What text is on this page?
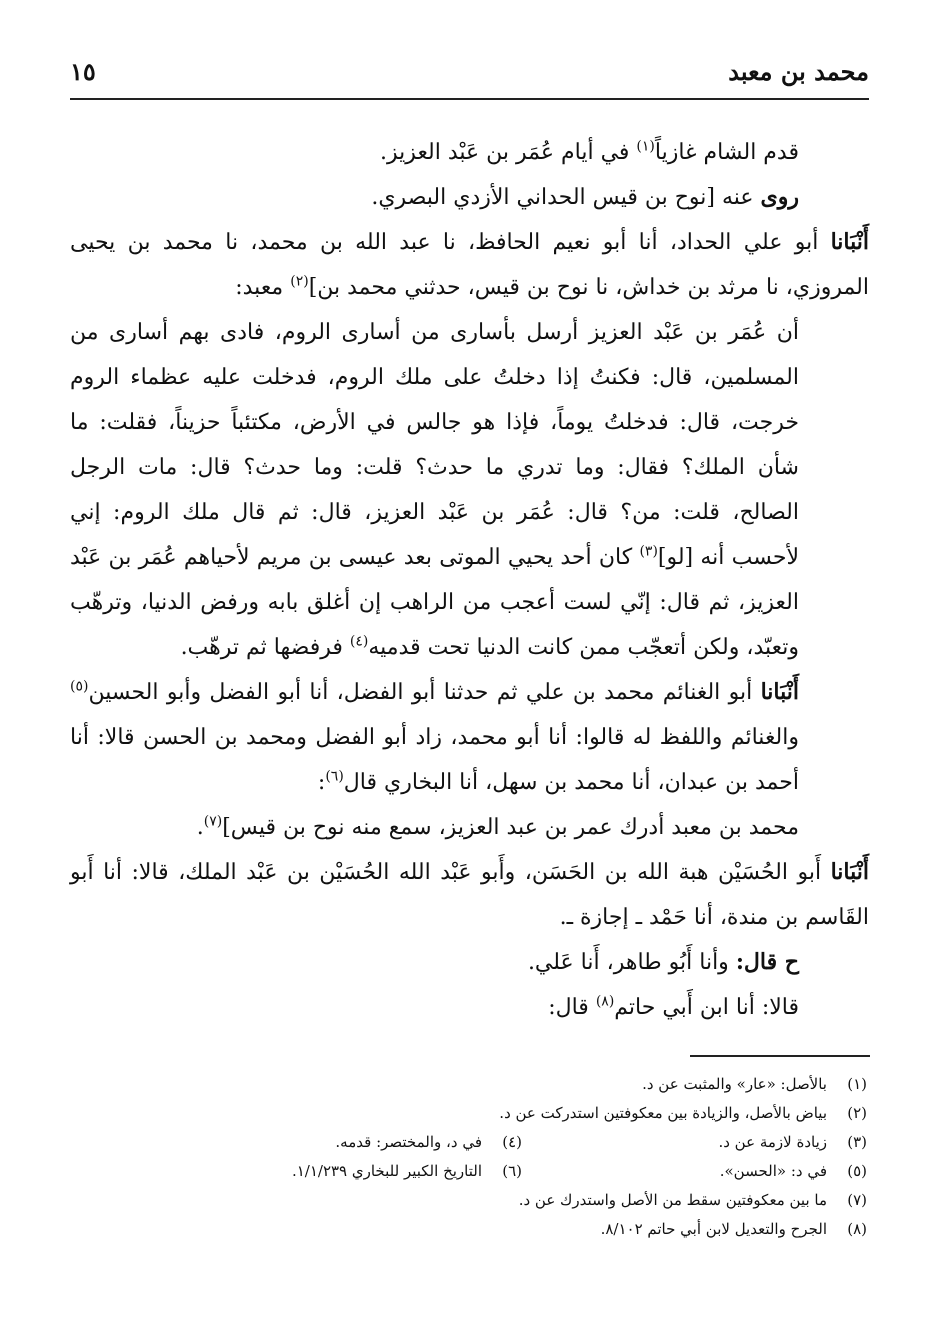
محمد بن معبد
١٥

قدم الشام غازياً$^{(١)}$ في أيام عُمَر بن عَبْد العزيز.

روى عنه [نوح بن قيس الحداني الأزدي البصري.

أَنْبَانا أبو علي الحداد، أنا أبو نعيم الحافظ، نا عبد الله بن محمد، نا محمد بن يحيى المروزي، نا مرثد بن خداش، نا نوح بن قيس، حدثني محمد بن]$^{(٢)}$ معبد:

أن عُمَر بن عَبْد العزيز أرسل بأسارى من أسارى الروم، فادى بهم أسارى من المسلمين، قال: فكنتُ إذا دخلتُ على ملك الروم، فدخلت عليه عظماء الروم خرجت، قال: فدخلتُ يوماً، فإذا هو جالس في الأرض، مكتئباً حزيناً، فقلت: ما شأن الملك؟ فقال: وما تدري ما حدث؟ قلت: وما حدث؟ قال: مات الرجل الصالح، قلت: من؟ قال: عُمَر بن عَبْد العزيز، قال: ثم قال ملك الروم: إني لأحسب أنه [لو]$^{(٣)}$ كان أحد يحيي الموتى بعد عيسى بن مريم لأحياهم عُمَر بن عَبْد العزيز، ثم قال: إنّي لست أعجب من الراهب إن أغلق بابه ورفض الدنيا، وترهّب وتعبّد، ولكن أتعجّب ممن كانت الدنيا تحت قدميه$^{(٤)}$ فرفضها ثم ترهّب.

أَنْبَانا أبو الغنائم محمد بن علي ثم حدثنا أبو الفضل، أنا أبو الفضل وأبو الحسين$^{(٥)}$ والغنائم واللفظ له قالوا: أنا أبو محمد، زاد أبو الفضل ومحمد بن الحسن قالا: أنا أحمد بن عبدان، أنا محمد بن سهل، أنا البخاري قال$^{(٦)}$:

محمد بن معبد أدرك عمر بن عبد العزيز، سمع منه نوح بن قيس]$^{(٧)}$.

أَنْبَانا أَبو الحُسَيْن هبة الله بن الحَسَن، وأَبو عَبْد الله الحُسَيْن بن عَبْد الملك، قالا: أنا أَبو القَاسم بن مندة، أنا حَمْد ـ إجازة ـ.

ح قال: وأنا أَبُو طاهر، أَنا عَلي.

قالا: أنا ابن أَبي حاتم$^{(٨)}$ قال:

(١)
بالأصل: «عار» والمثبت عن د.
(٢)
بياض بالأصل، والزيادة بين معكوفتين استدركت عن د.
(٣)
زيادة لازمة عن د.
(٤)
في د، والمختصر: قدمه.
(٥)
في د: «الحسن».
(٦)
التاريخ الكبير للبخاري ١/١/٢٣٩.
(٧)
ما بين معكوفتين سقط من الأصل واستدرك عن د.
(٨)
الجرح والتعديل لابن أبي حاتم ٨/١٠٢.
